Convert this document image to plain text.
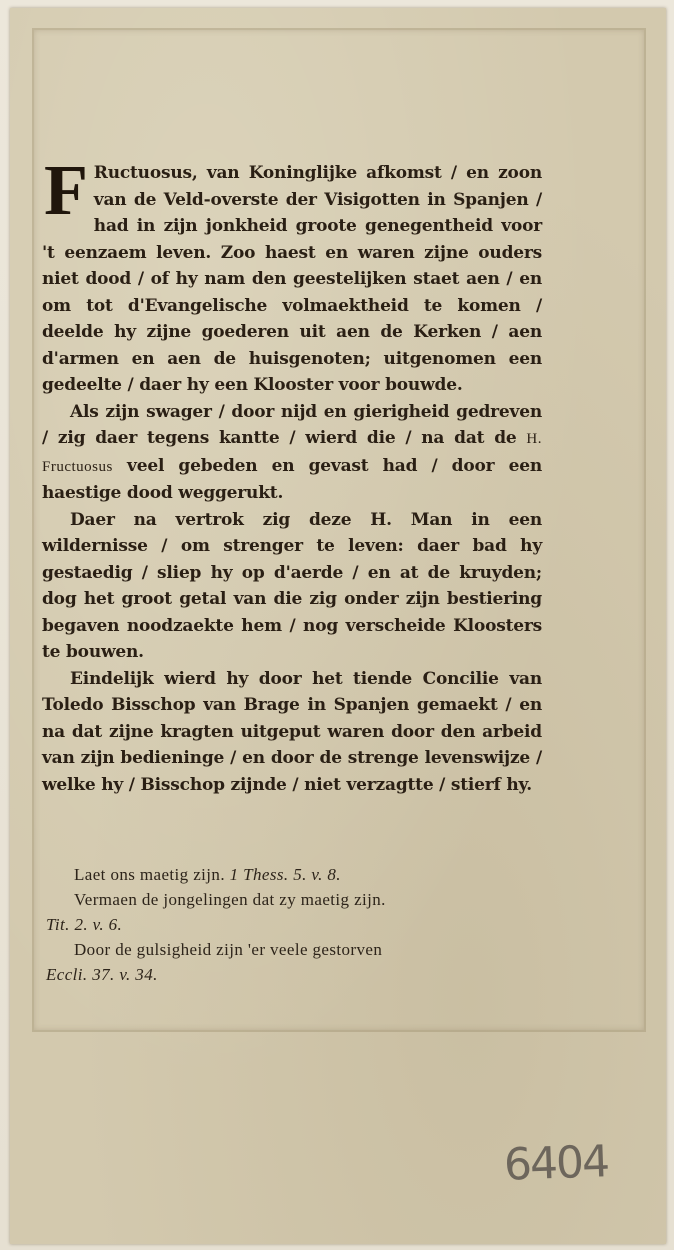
F Ructuosus, van Koninglijke afkomst / en zoon van de Veld-overste der Visigotten in Spanjen / had in zijn jonkheid groote genegentheid voor 't eenzaem leven. Zoo haest en waren zijne ouders niet dood / of hy nam den geestelijken staet aen / en om tot d'Evangelische volmaektheid te komen / deelde hy zijne goederen uit aen de Kerken / aen d'armen en aen de huisgenoten; uitgenomen een gedeelte / daer hy een Klooster voor bouwde.

Als zijn swager / door nijd en gierigheid gedreven / zig daer tegens kantte / wierd die / na dat de H. Fructuosus veel gebeden en gevast had / door een haestige dood weggerukt.

Daer na vertrok zig deze H. Man in een wildernisse / om strenger te leven: daer bad hy gestaedig / sliep hy op d'aerde / en at de kruyden; dog het groot getal van die zig onder zijn bestiering begaven noodzaekte hem / nog verscheide Kloosters te bouwen.

Eindelijk wierd hy door het tiende Concilie van Toledo Bisschop van Brage in Spanjen gemaekt / en na dat zijne kragten uitgeput waren door den arbeid van zijn bedieninge / en door de strenge levenswijze / welke hy / Bisschop zijnde / niet verzagtte / stierf hy.

Laet ons maetig zijn. 1 Thess. 5. v. 8.

Vermaen de jongelingen dat zy maetig zijn.

Tit. 2. v. 6.

Door de gulsigheid zijn 'er veele gestorven

Eccli. 37. v. 34.

6404
